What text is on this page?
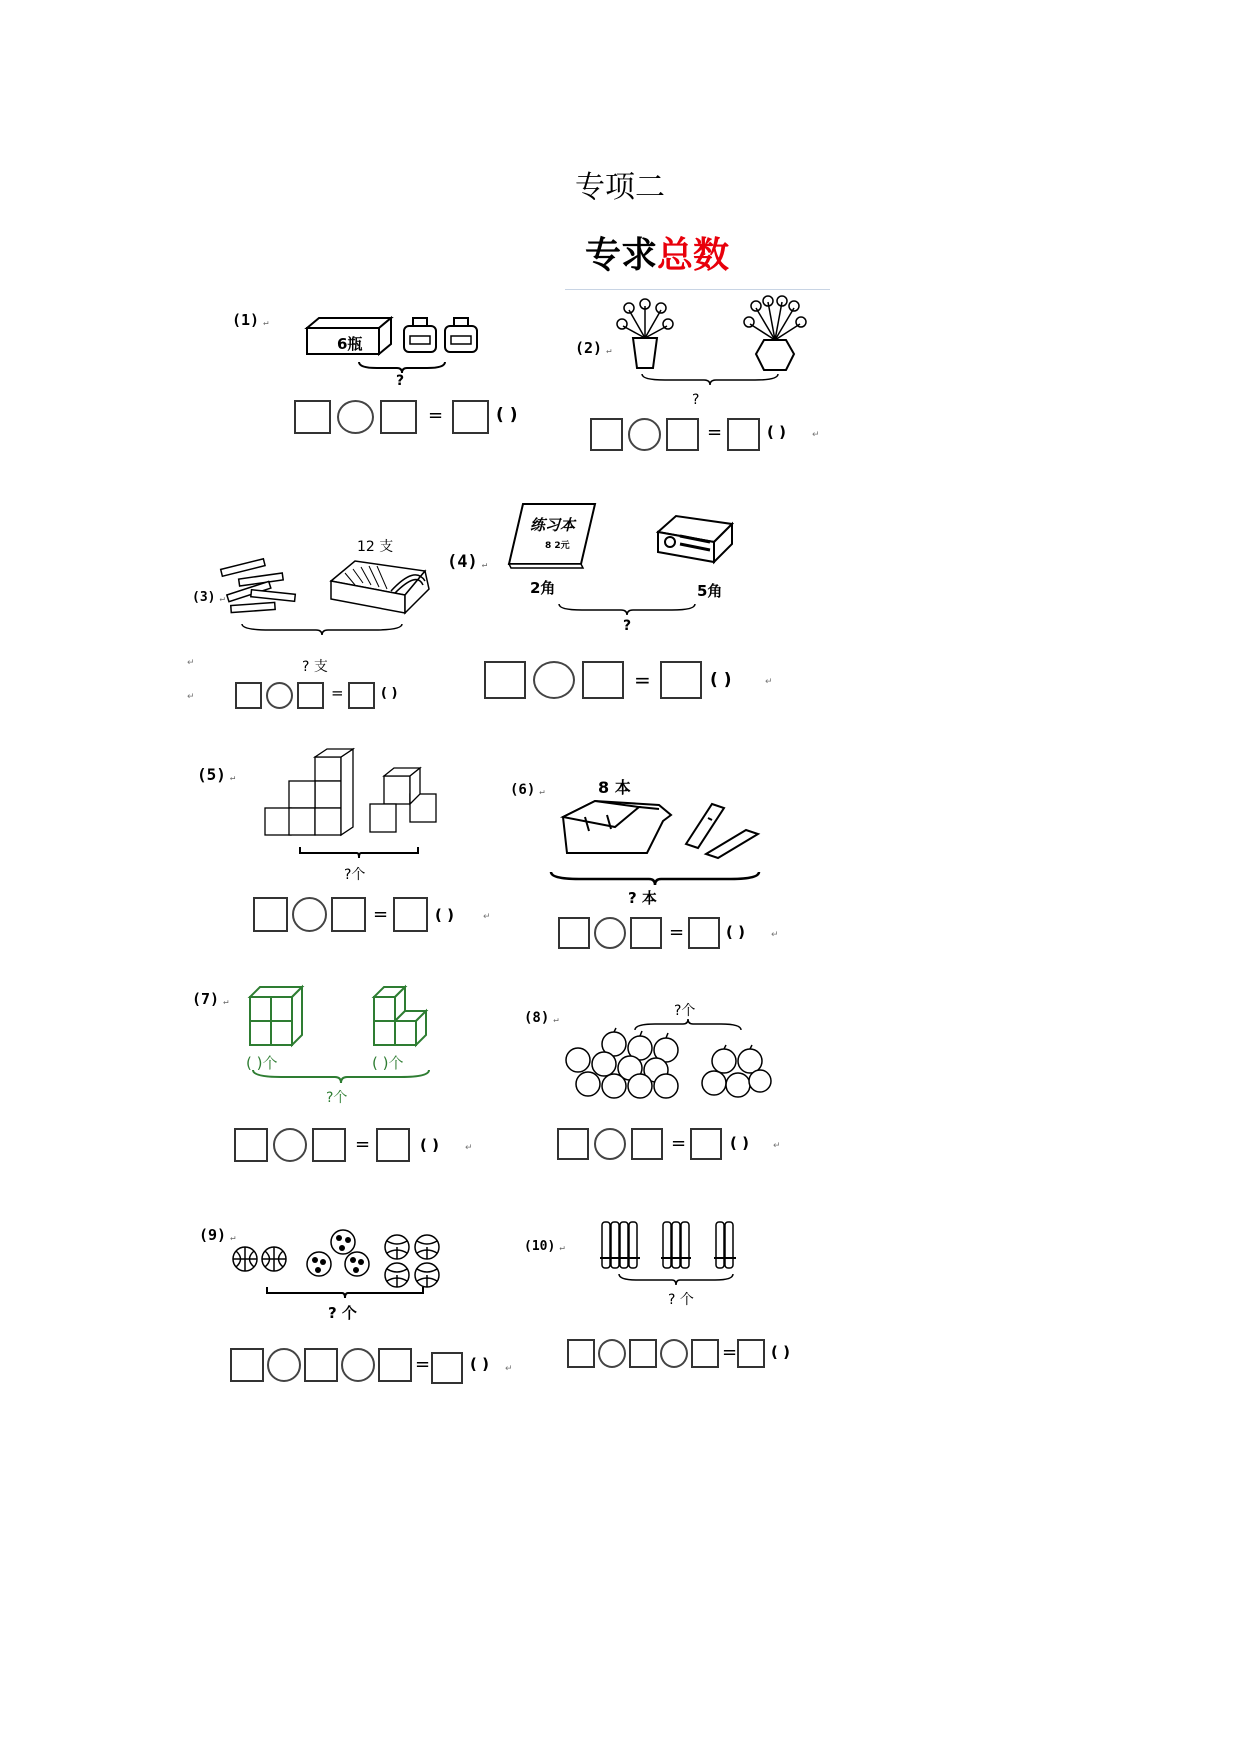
专项二
专求总数
(1) ↵
6瓶
?
=	( )
(2) ↵
?
=	( )	↵
(3) ↵
12 支
? 支
↵
↵	=	( )
(4) ↵
练习本
8 2元
2角	5角
?
=	( )	↵
(5) ↵
?个
=	( )	↵
(6) ↵	8 本
? 本
=	( )	↵
(7) ↵
( )个	( )个
?个
=	( )	↵
(8) ↵
?个
=	( )	↵
(9) ↵
? 个
=	( ) ↵
(10) ↵
? 个
= ( )
